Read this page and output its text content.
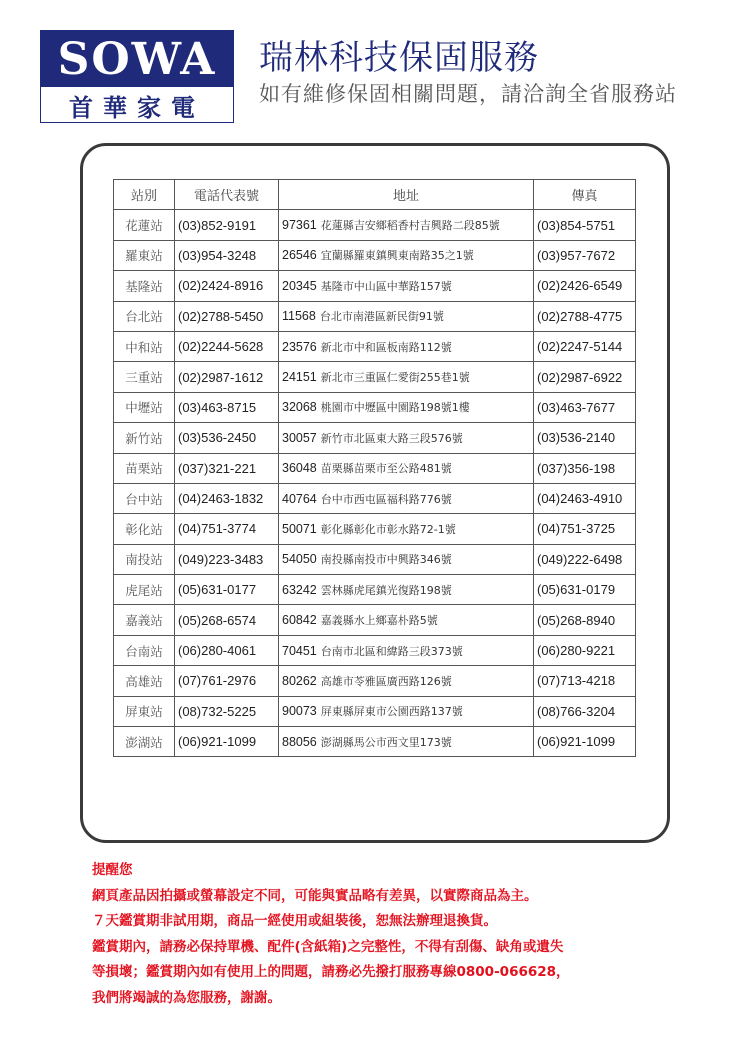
SOWA
首華家電
瑞林科技保固服務
如有維修保固相關問題，請洽詢全省服務站
站別	電話代表號	地址	傳真
花蓮站	(03)852-9191	97361 花蓮縣吉安鄉稻香村吉興路二段85號	(03)854-5751
羅東站	(03)954-3248	26546 宜蘭縣羅東鎮興東南路35之1號	(03)957-7672
基隆站	(02)2424-8916	20345 基隆市中山區中華路157號	(02)2426-6549
台北站	(02)2788-5450	11568 台北市南港區新民街91號	(02)2788-4775
中和站	(02)2244-5628	23576 新北市中和區板南路112號	(02)2247-5144
三重站	(02)2987-1612	24151 新北市三重區仁愛街255巷1號	(02)2987-6922
中壢站	(03)463-8715	32068 桃園市中壢區中園路198號1樓	(03)463-7677
新竹站	(03)536-2450	30057 新竹市北區東大路三段576號	(03)536-2140
苗栗站	(037)321-221	36048 苗栗縣苗栗市至公路481號	(037)356-198
台中站	(04)2463-1832	40764 台中市西屯區福科路776號	(04)2463-4910
彰化站	(04)751-3774	50071 彰化縣彰化市彰水路72-1號	(04)751-3725
南投站	(049)223-3483	54050 南投縣南投市中興路346號	(049)222-6498
虎尾站	(05)631-0177	63242 雲林縣虎尾鎮光復路198號	(05)631-0179
嘉義站	(05)268-6574	60842 嘉義縣水上鄉嘉朴路5號	(05)268-8940
台南站	(06)280-4061	70451 台南市北區和緯路三段373號	(06)280-9221
高雄站	(07)761-2976	80262 高雄市苓雅區廣西路126號	(07)713-4218
屏東站	(08)732-5225	90073 屏東縣屏東市公園西路137號	(08)766-3204
澎湖站	(06)921-1099	88056 澎湖縣馬公市西文里173號	(06)921-1099
提醒您
網頁產品因拍攝或螢幕設定不同，可能與實品略有差異，以實際商品為主。
７天鑑賞期非試用期，商品一經使用或組裝後，恕無法辦理退換貨。
鑑賞期內，請務必保持單機、配件(含紙箱)之完整性，不得有刮傷、缺角或遺失
等損壞；鑑賞期內如有使用上的問題，請務必先撥打服務專線0800-066628，
我們將竭誠的為您服務，謝謝。
